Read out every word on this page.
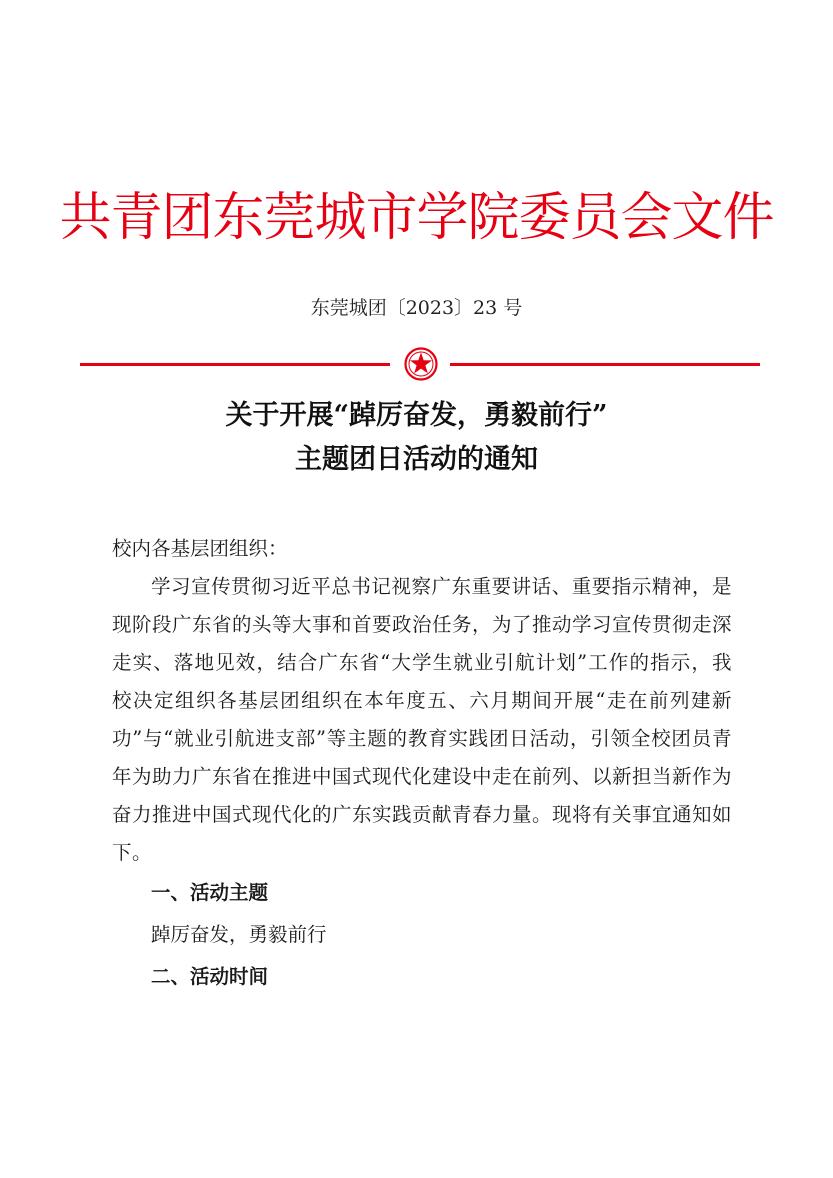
共青团东莞城市学院委员会文件
东莞城团〔2023〕23 号
关于开展“踔厉奋发，勇毅前行”
主题团日活动的通知

校内各基层团组织：

学习宣传贯彻习近平总书记视察广东重要讲话、重要指示精神，是现阶段广东省的头等大事和首要政治任务，为了推动学习宣传贯彻走深走实、落地见效，结合广东省“大学生就业引航计划”工作的指示，我校决定组织各基层团组织在本年度五、六月期间开展“走在前列建新功”与“就业引航进支部”等主题的教育实践团日活动，引领全校团员青年为助力广东省在推进中国式现代化建设中走在前列、以新担当新作为奋力推进中国式现代化的广东实践贡献青春力量。现将有关事宜通知如下。

一、活动主题

踔厉奋发，勇毅前行

二、活动时间
